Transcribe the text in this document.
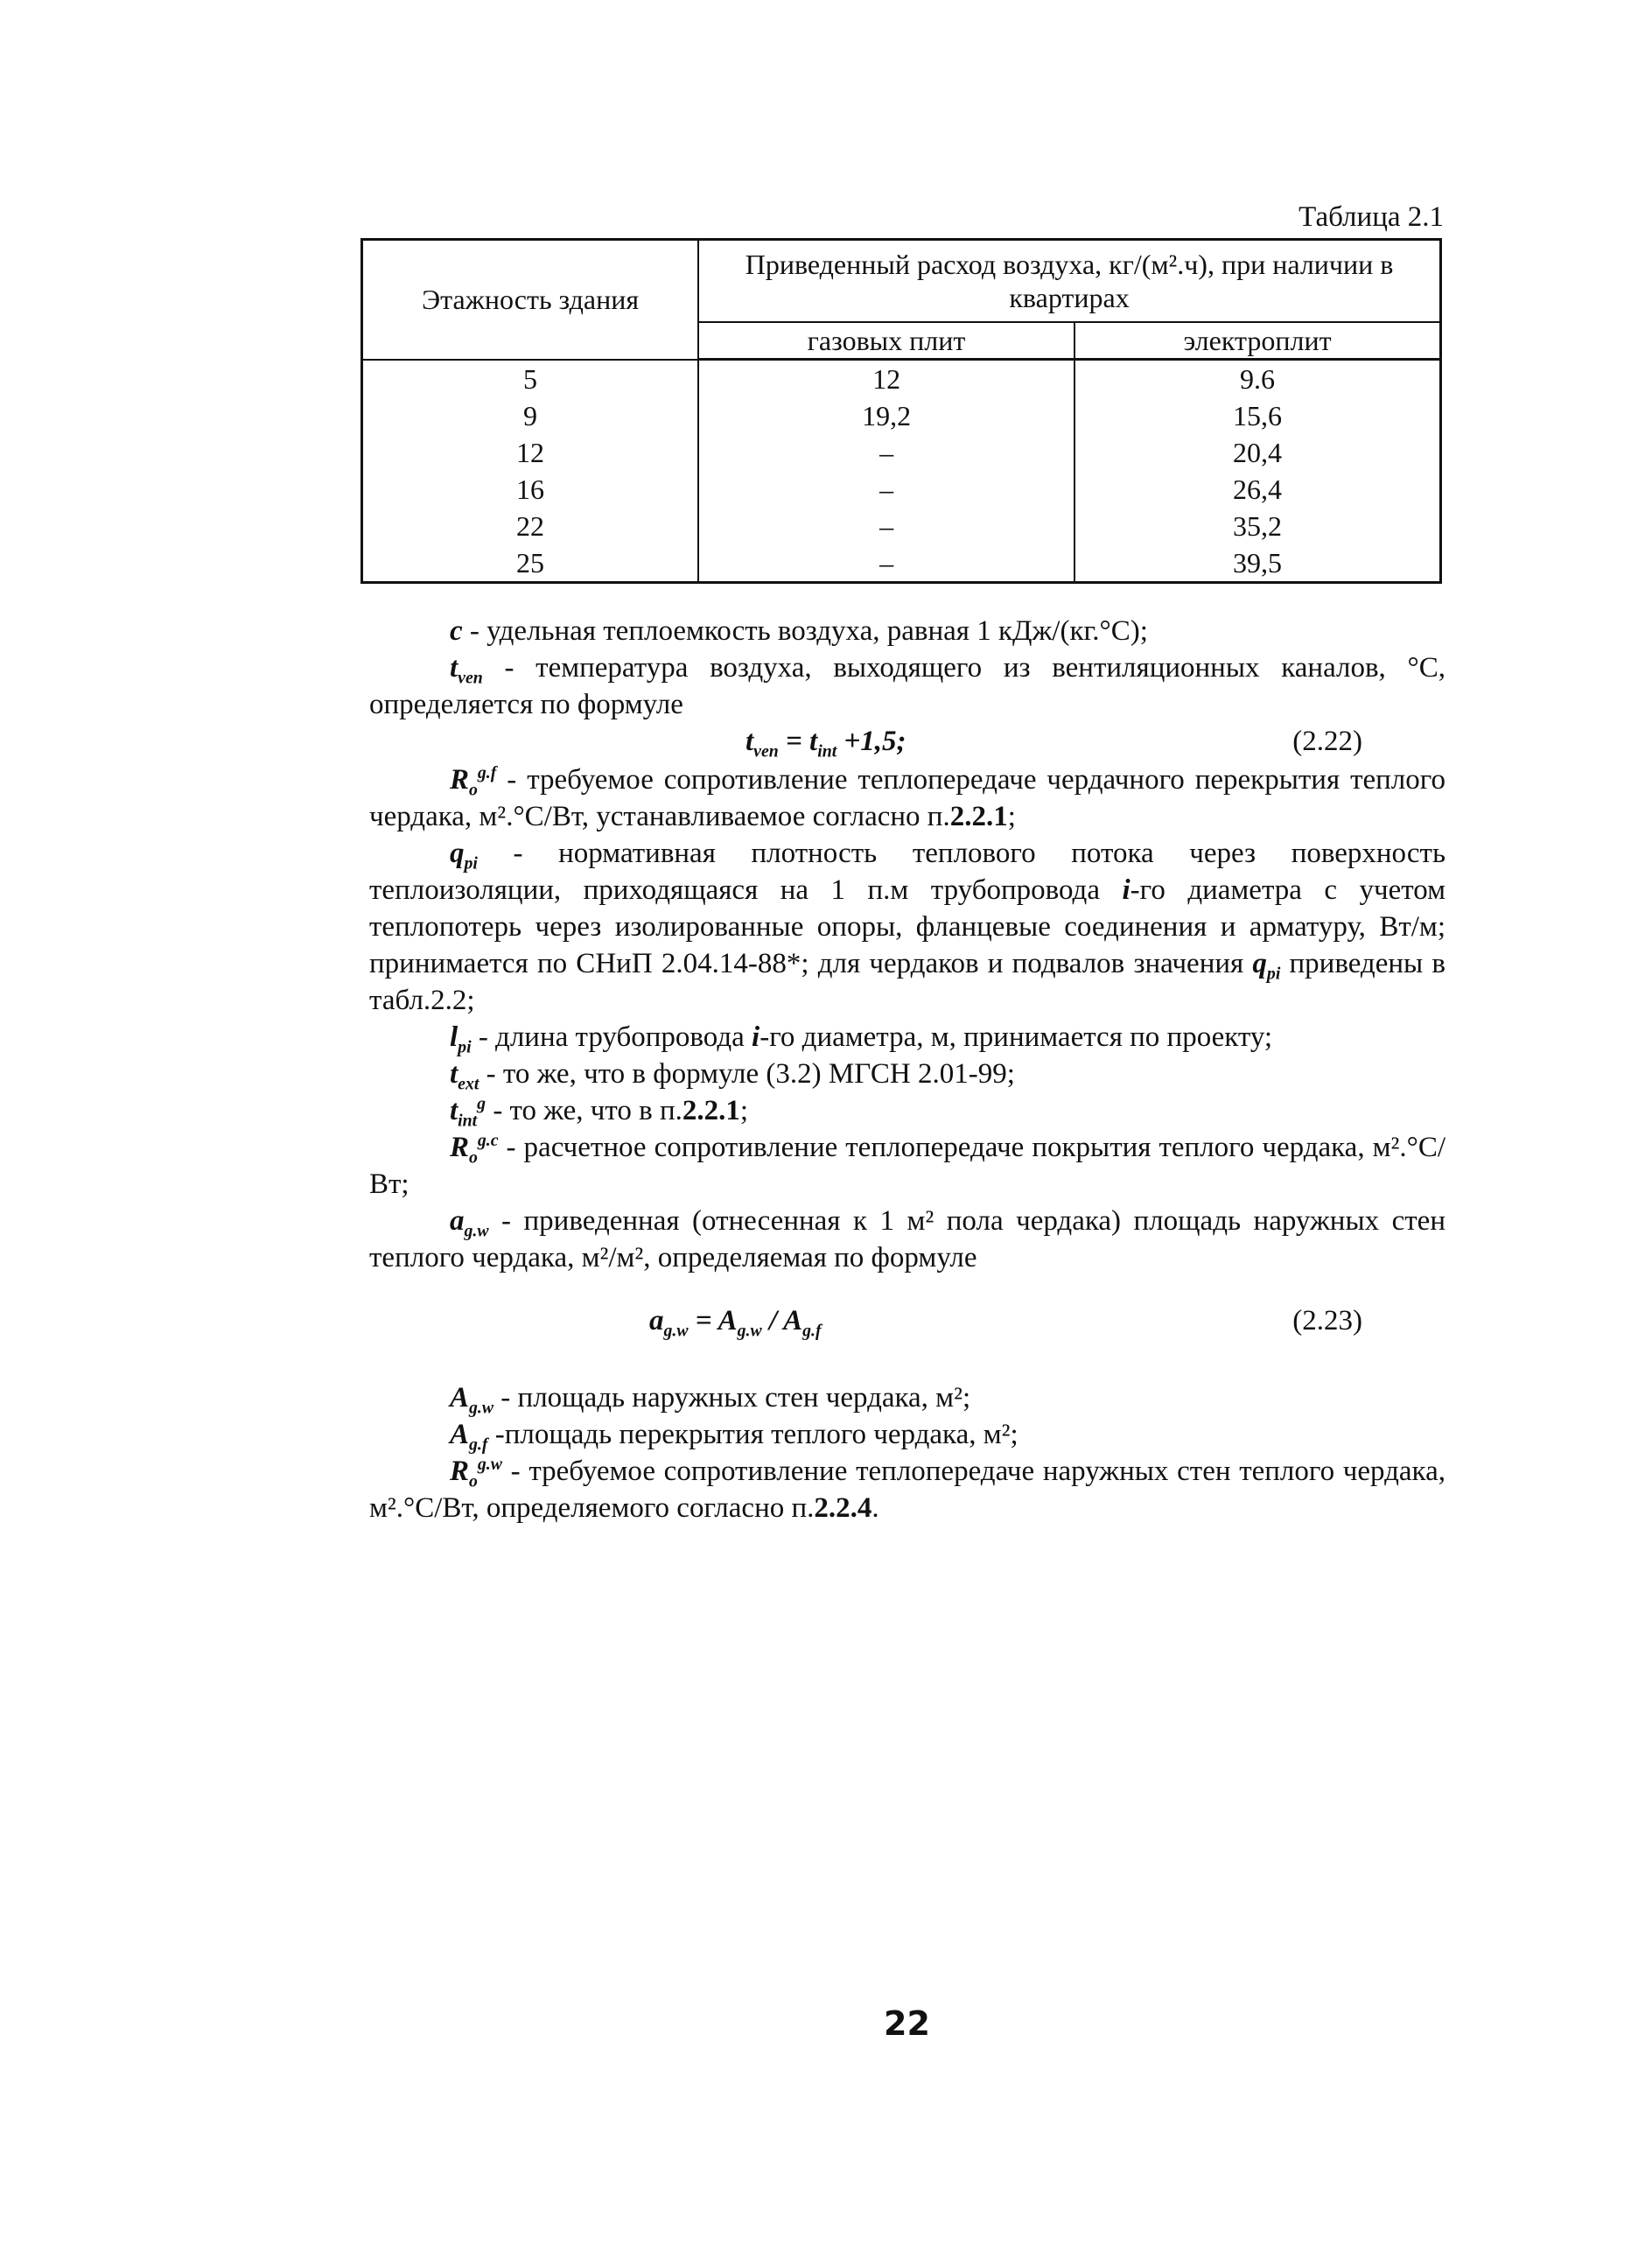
Таблица 2.1
Этажность здания	Приведенный расход воздуха, кг/(м².ч), при наличии в квартирах	
	газовых плит	электроплит
5	12	9.6
9	19,2	15,6
12	–	20,4
16	–	26,4
22	–	35,2
25	–	39,5

c - удельная теплоемкость воздуха, равная 1 кДж/(кг.°С);

$t_{ven}$ - температура воздуха, выходящего из вентиляционных каналов, °С, определяется по формуле

$t_{ven} = t_{int} +1,5$;	(2.22)

$R_o^{g.f}$ - требуемое сопротивление теплопередаче чердачного перекрытия теплого чердака, м².°С/Вт, устанавливаемое согласно п.2.2.1;

$q_{pi}$ - нормативная плотность теплового потока через поверхность теплоизоляции, приходящаяся на 1 п.м трубопровода i-го диаметра с учетом теплопотерь через изолированные опоры, фланцевые соединения и арматуру, Вт/м; принимается по СНиП 2.04.14-88*; для чердаков и подвалов значения $q_{pi}$ приведены в табл.2.2;

$l_{pi}$ - длина трубопровода i-го диаметра, м, принимается по проекту;

$t_{ext}$ - то же, что в формуле (3.2) МГСН 2.01-99;

$t_{int}^g$ - то же, что в п.2.2.1;

$R_o^{g.c}$ - расчетное сопротивление теплопередаче покрытия теплого чердака, м².°С/Вт;

$a_{g.w}$ - приведенная (отнесенная к 1 м² пола чердака) площадь наружных стен теплого чердака, м²/м², определяемая по формуле

$a_{g.w} = A_{g.w} / A_{g.f}$	(2.23)

$A_{g.w}$ - площадь наружных стен чердака, м²;

$A_{g.f}$ -площадь перекрытия теплого чердака, м²;

$R_o^{g.w}$ - требуемое сопротивление теплопередаче наружных стен теплого чердака, м².°С/Вт, определяемого согласно п.2.2.4.

22
